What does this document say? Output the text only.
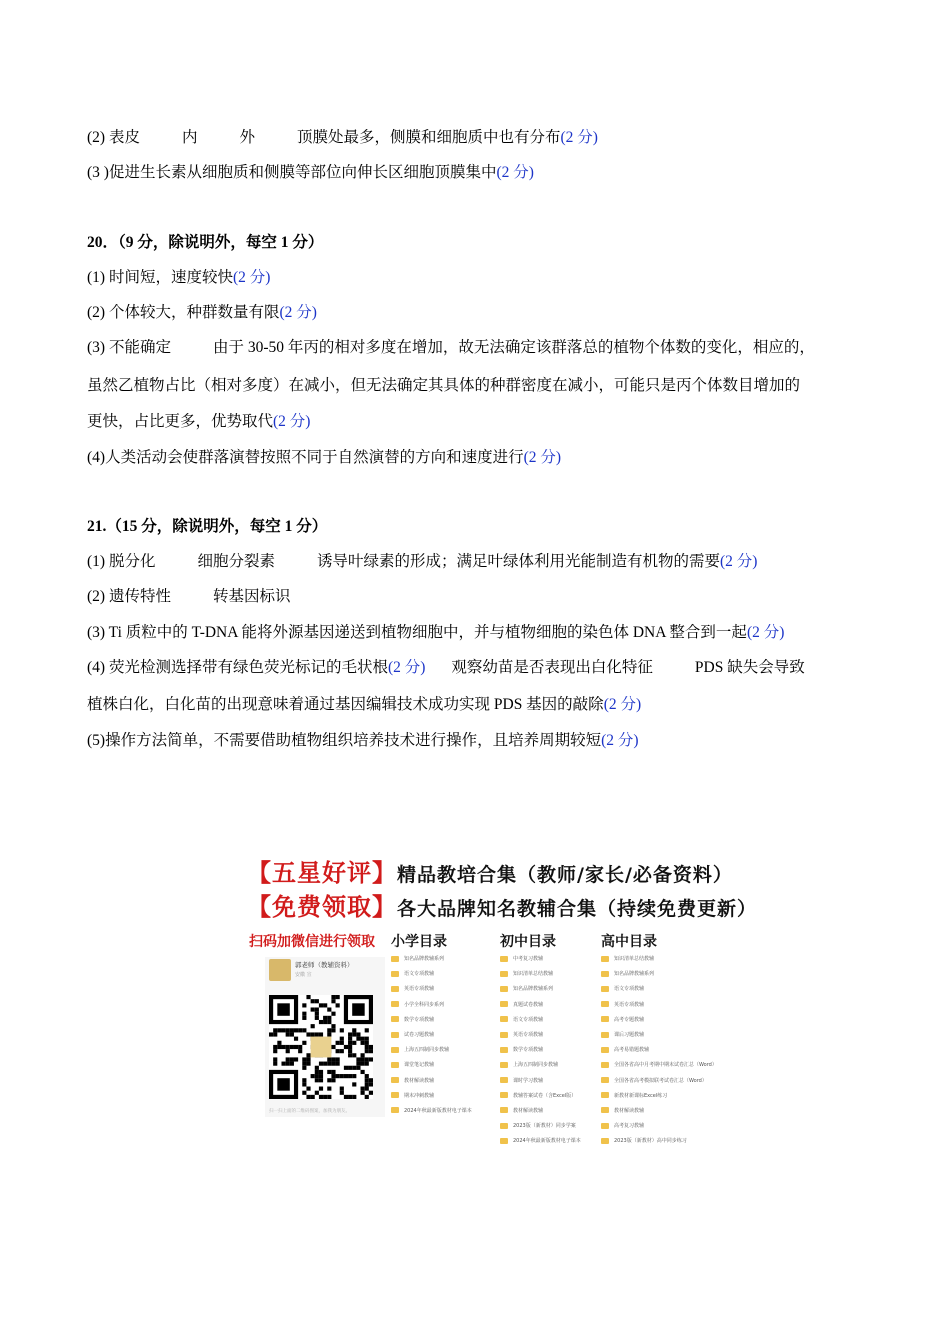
(2) 表皮	内	外	顶膜处最多，侧膜和细胞质中也有分布(2 分)
(3 )促进生长素从细胞质和侧膜等部位向伸长区细胞顶膜集中(2 分)
20．（9 分，除说明外，每空 1 分）
(1) 时间短，速度较快(2 分)
(2) 个体较大，种群数量有限(2 分)
(3) 不能确定	由于 30-50 年丙的相对多度在增加，故无法确定该群落总的植物个体数的变化，相应的，
虽然乙植物占比（相对多度）在减小，但无法确定其具体的种群密度在减小，可能只是丙个体数目增加的
更快，占比更多，优势取代(2 分)
(4)人类活动会使群落演替按照不同于自然演替的方向和速度进行(2 分)
21.（15 分，除说明外，每空 1 分）
(1) 脱分化	细胞分裂素	诱导叶绿素的形成；满足叶绿体利用光能制造有机物的需要(2 分)
(2) 遗传特性	转基因标识
(3) Ti 质粒中的 T-DNA 能将外源基因递送到植物细胞中，并与植物细胞的染色体 DNA 整合到一起(2 分)
(4) 荧光检测选择带有绿色荧光标记的毛状根(2 分) 观察幼苗是否表现出白化特征	PDS 缺失会导致
植株白化，白化苗的出现意味着通过基因编辑技术成功实现 PDS 基因的敲除(2 分)
(5)操作方法简单，不需要借助植物组织培养技术进行操作，且培养周期较短(2 分)
【五星好评】精品教培合集（教师/家长/必备资料）
【免费领取】各大品牌知名教辅合集（持续免费更新）
扫码加微信进行领取 小学目录	初中目录	高中目录
郭老师（教辅资料）
安徽 宣
扫一扫上面的二维码图案，加我为朋友。
知名品牌教辅系列
语文专项教辅
英语专项教辅
小学全科同步系列
数学专项教辅
试卷习题教辅
上海五四制同步教辅
课堂笔记教辅
教材解读教辅
期末冲刺教辅
2024年秋最新版教材电子课本
中考复习教辅
知识清单总结教辅
知名品牌教辅系列
真题试卷教辅
语文专项教辅
英语专项教辅
数学专项教辅
上海五四制同步教辅
课时学习教辅
教辅答案试卷（含Excel版）
教材解读教辅
2023版（新教材）同步学案
2024年秋最新版教材电子课本
知识清单总结教辅
知名品牌教辅系列
语文专项教辅
英语专项教辅
高考专题教辅
课后习题教辅
高考易错题教辅
全国各省高中月考期中期末试卷汇总（Word）
全国各省高考模拟联考试卷汇总（Word）
新教材新课标Excel练习
教材解读教辅
高考复习教辅
2023版（新教材）高中同步练习
